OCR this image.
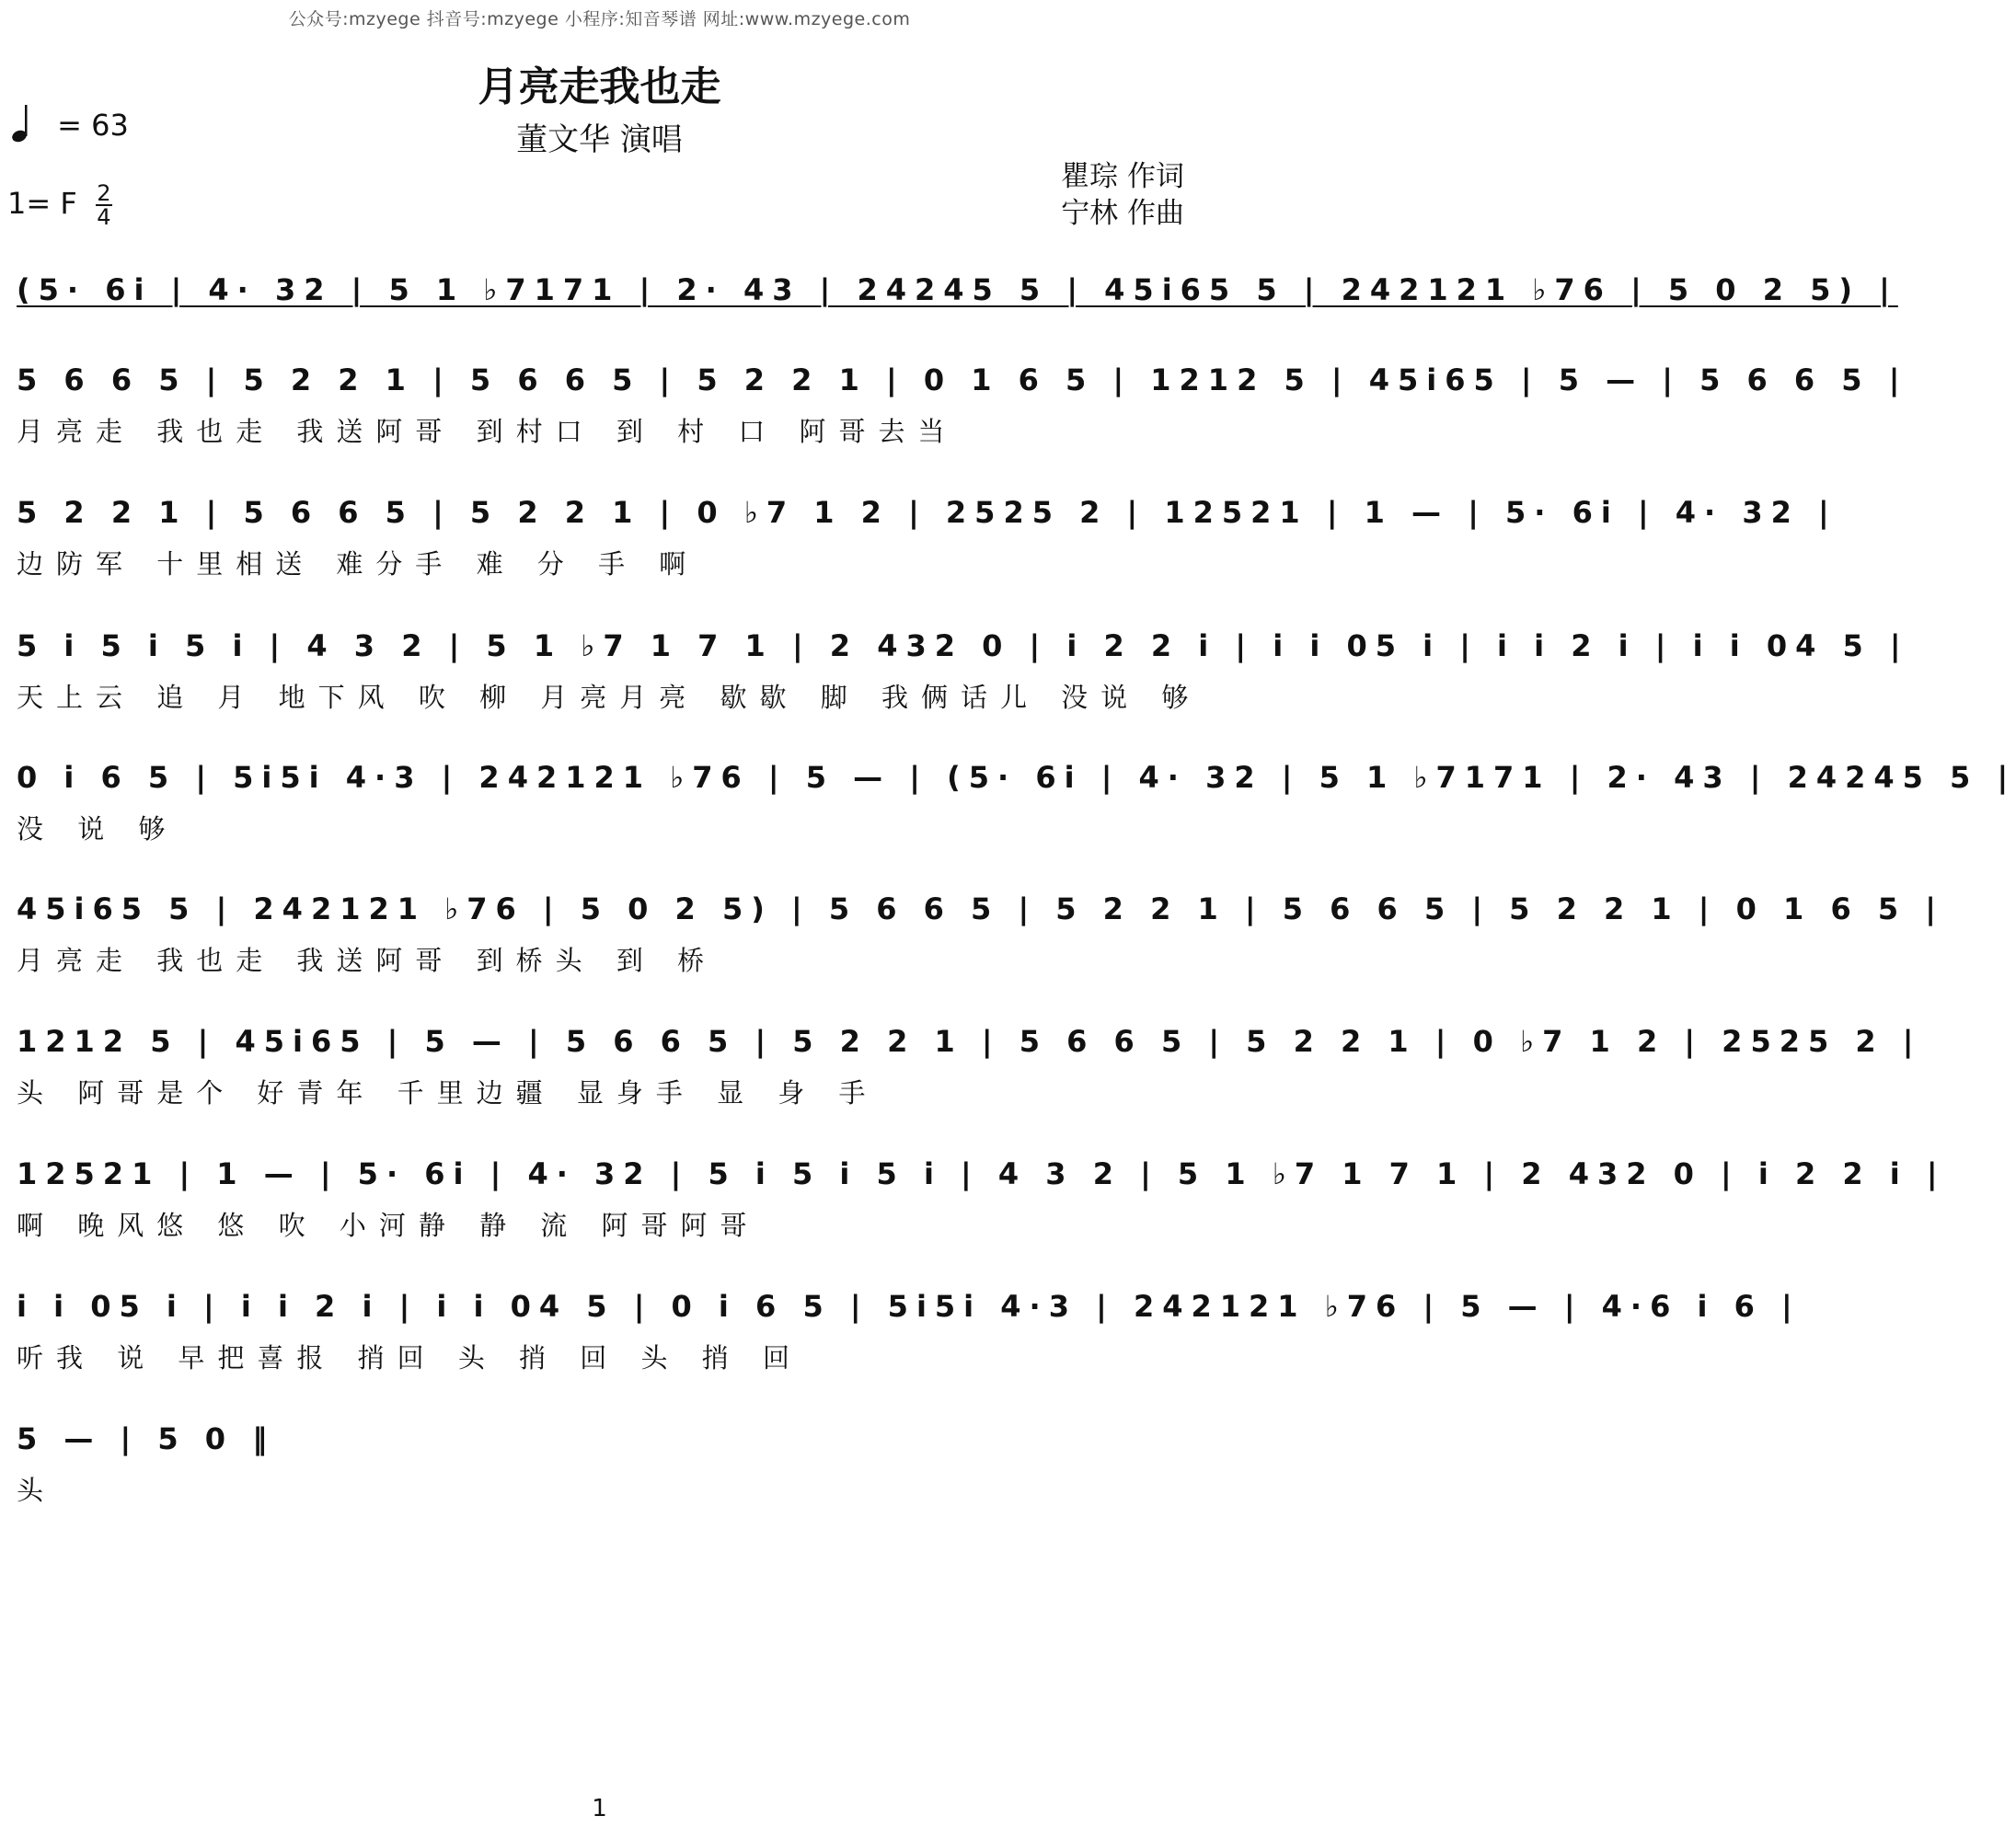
公众号:mzyege 抖音号:mzyege 小程序:知音琴谱 网址:www.mzyege.com
月亮走我也走
董文华 演唱
= 63
1= F $\frac{2}{4}$
瞿琮 作词
宁林 作曲
(5· 6i | 4· 32 | 5 1 ♭7171 | 2· 43 | 24245 5 | 45i65 5 | 242121 ♭76 | 5 0 2 5) |
5 6 6 5 | 5 2 2 1 | 5 6 6 5 | 5 2 2 1 | 0 1 6 5 | 1212 5 | 45i65 | 5 — | 5 6 6 5 |
月亮走 我也走 我送阿哥 到村口 到 村 口 阿哥去当
5 2 2 1 | 5 6 6 5 | 5 2 2 1 | 0 ♭7 1 2 | 2525 2 | 12521 | 1 — | 5· 6i | 4· 32 |
边防军 十里相送 难分手 难 分 手 啊
5 i 5 i 5 i | 4 3 2 | 5 1 ♭7 1 7 1 | 2 432 0 | i 2 2 i | i i 05 i | i i 2 i | i i 04 5 |
天上云 追 月 地下风 吹 柳 月亮月亮 歇歇 脚 我俩话儿 没说 够
0 i 6 5 | 5i5i 4·3 | 242121 ♭76 | 5 — | (5· 6i | 4· 32 | 5 1 ♭7171 | 2· 43 | 24245 5 |
没 说 够
45i65 5 | 242121 ♭76 | 5 0 2 5) | 5 6 6 5 | 5 2 2 1 | 5 6 6 5 | 5 2 2 1 | 0 1 6 5 |
月亮走 我也走 我送阿哥 到桥头 到 桥
1212 5 | 45i65 | 5 — | 5 6 6 5 | 5 2 2 1 | 5 6 6 5 | 5 2 2 1 | 0 ♭7 1 2 | 2525 2 |
头 阿哥是个 好青年 千里边疆 显身手 显 身 手
12521 | 1 — | 5· 6i | 4· 32 | 5 i 5 i 5 i | 4 3 2 | 5 1 ♭7 1 7 1 | 2 432 0 | i 2 2 i |
啊 晚风悠 悠 吹 小河静 静 流 阿哥阿哥
i i 05 i | i i 2 i | i i 04 5 | 0 i 6 5 | 5i5i 4·3 | 242121 ♭76 | 5 — | 4·6 i 6 |
听我 说 早把喜报 捎回 头 捎 回 头 捎 回
5 — | 5 0 ‖
头
1
